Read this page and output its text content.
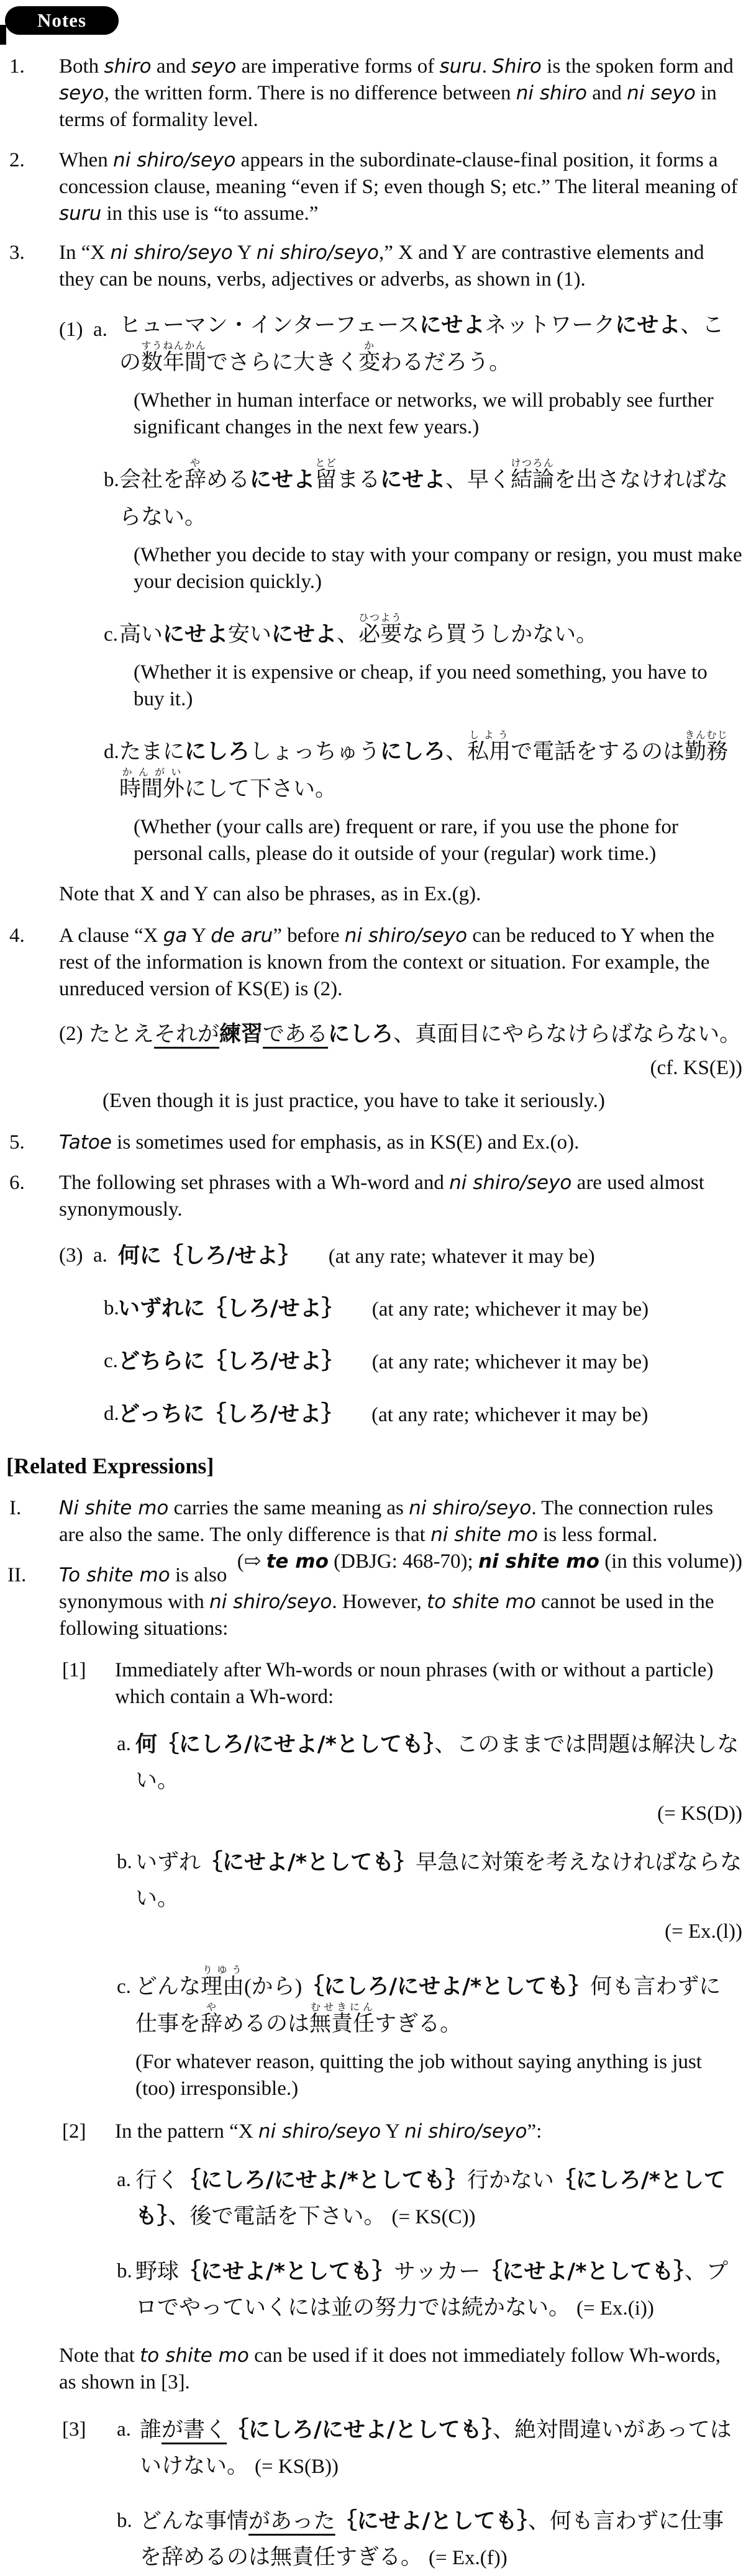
Notes
1.	Both shiro and seyo are imperative forms of suru. Shiro is the spoken form and seyo, the written form. There is no difference between ni shiro and ni seyo in terms of formality level.
2.	When ni shiro/seyo appears in the subordinate-clause-final position, it forms a concession clause, meaning “even if S; even though S; etc.” The literal meaning of suru in this use is “to assume.”
3.	In “X ni shiro/seyo Y ni shiro/seyo,” X and Y are contrastive elements and they can be nouns, verbs, adjectives or adverbs, as shown in (1).
(1) a. ヒューマン・インターフェースにせよネットワークにせよ、この数年すうねん間かんでさらに大きく変かわるだろう。
(Whether in human interface or networks, we will probably see further significant changes in the next few years.)
b. 会社を辞やめるにせよ留とどまるにせよ、早く結論けつろんを出さなければならない。
(Whether you decide to stay with your company or resign, you must make your decision quickly.)
c. 高いにせよ安いにせよ、必要ひつようなら買うしかない。
(Whether it is expensive or cheap, if you need something, you have to buy it.)
d. たまににしろしょっちゅうにしろ、私用しようで電話をするのは勤務時間外きんむじかんがいにして下さい。
(Whether (your calls are) frequent or rare, if you use the phone for personal calls, please do it outside of your (regular) work time.)
Note that X and Y can also be phrases, as in Ex.(g).
4.	A clause “X ga Y de aru” before ni shiro/seyo can be reduced to Y when the rest of the information is known from the context or situation. For example, the unreduced version of KS(E) is (2).
(2) たとえそれが練習であるにしろ、真面目にやらなけらばならない。
(cf. KS(E))
(Even though it is just practice, you have to take it seriously.)
5.	Tatoe is sometimes used for emphasis, as in KS(E) and Ex.(o).
6.	The following set phrases with a Wh-word and ni shiro/seyo are used almost synonymously.
(3) a. 何に｛しろ/せよ｝ (at any rate; whatever it may be)
b.
いずれに｛しろ/せよ｝ (at any rate; whichever it may be)
c. どちらに｛しろ/せよ｝ (at any rate; whichever it may be)
d.
どっちに｛しろ/せよ｝ (at any rate; whichever it may be)
[Related Expressions]
I.	Ni shite mo carries the same meaning as ni shiro/seyo. The connection rules are also the same. The only difference is that ni shite mo is less formal.
(⇨ te mo (DBJG: 468-70); ni shite mo (in this volume))
II.	To shite mo is also synonymous with ni shiro/seyo. However, to shite mo cannot be used in the following situations:
[1]	Immediately after Wh-words or noun phrases (with or without a particle) which contain a Wh-word:
a. 何｛にしろ/にせよ/*としても｝、このままでは問題は解決しない。
(= KS(D))
b. いずれ｛にせよ/*としても｝早急に対策を考えなければならない。
(= Ex.(l))
c. どんな理由りゆう(から)｛にしろ/にせよ/*としても｝何も言わずに仕事を辞やめるのは無責任むせきにんすぎる。
(For whatever reason, quitting the job without saying anything is just (too) irresponsible.)
[2]	In the pattern “X ni shiro/seyo Y ni shiro/seyo”:
a. 行く｛にしろ/にせよ/*としても｝行かない｛にしろ/*としても｝、後で電話を下さい。 (= KS(C))
b. 野球｛にせよ/*としても｝サッカー｛にせよ/*としても｝、プロでやっていくには並の努力では続かない。 (= Ex.(i))
Note that to shite mo can be used if it does not immediately follow Wh-words, as shown in [3].
[3] a. 誰が書く｛にしろ/にせよ/としても｝、絶対間違いがあってはいけない。 (= KS(B))
b. どんな事情があった｛にせよ/としても｝、何も言わずに仕事を辞めるのは無責任すぎる。 (= Ex.(f))
